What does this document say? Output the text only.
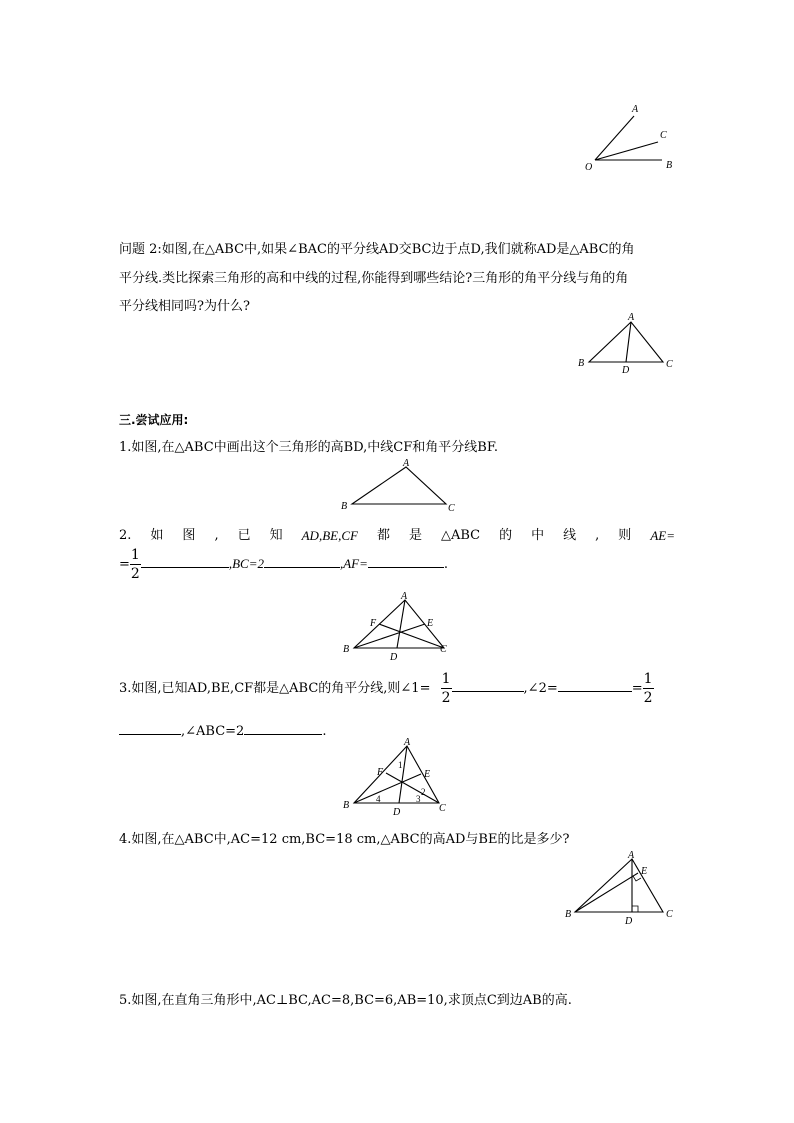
A
C
O	B
问题 2:如图,在△ABC中,如果∠BAC的平分线AD交BC边于点D,我们就称AD是△ABC的角
平分线.类比探索三角形的高和中线的过程,你能得到哪些结论?三角形的角平分线与角的角
平分线相同吗?为什么?
A
B
D
C
三.尝试应用:
1.如图,在△ABC中画出这个三角形的高BD,中线CF和角平分线BF.
A
B	C
2. 如 图 , 已 知 AD,BE,CF 都 是 △ABC 的 中 线 , 则 AE=
= $\frac{1}{2}$	,BC=2	,AF=	.
A
F	E
B
D
C
3.如图,已知AD,BE,CF都是△ABC的角平分线,则∠1= $\frac{1}{2}$	,∠2=	= $\frac{1}{2}$
,∠ABC=2	.
A
F	E
B
D	C
1
2
3
4
4.如图,在△ABC中,AC=12 cm,BC=18 cm,△ABC的高AD与BE的比是多少?
A
E
B
D
C
5.如图,在直角三角形中,AC⊥BC,AC=8,BC=6,AB=10,求顶点C到边AB的高.
